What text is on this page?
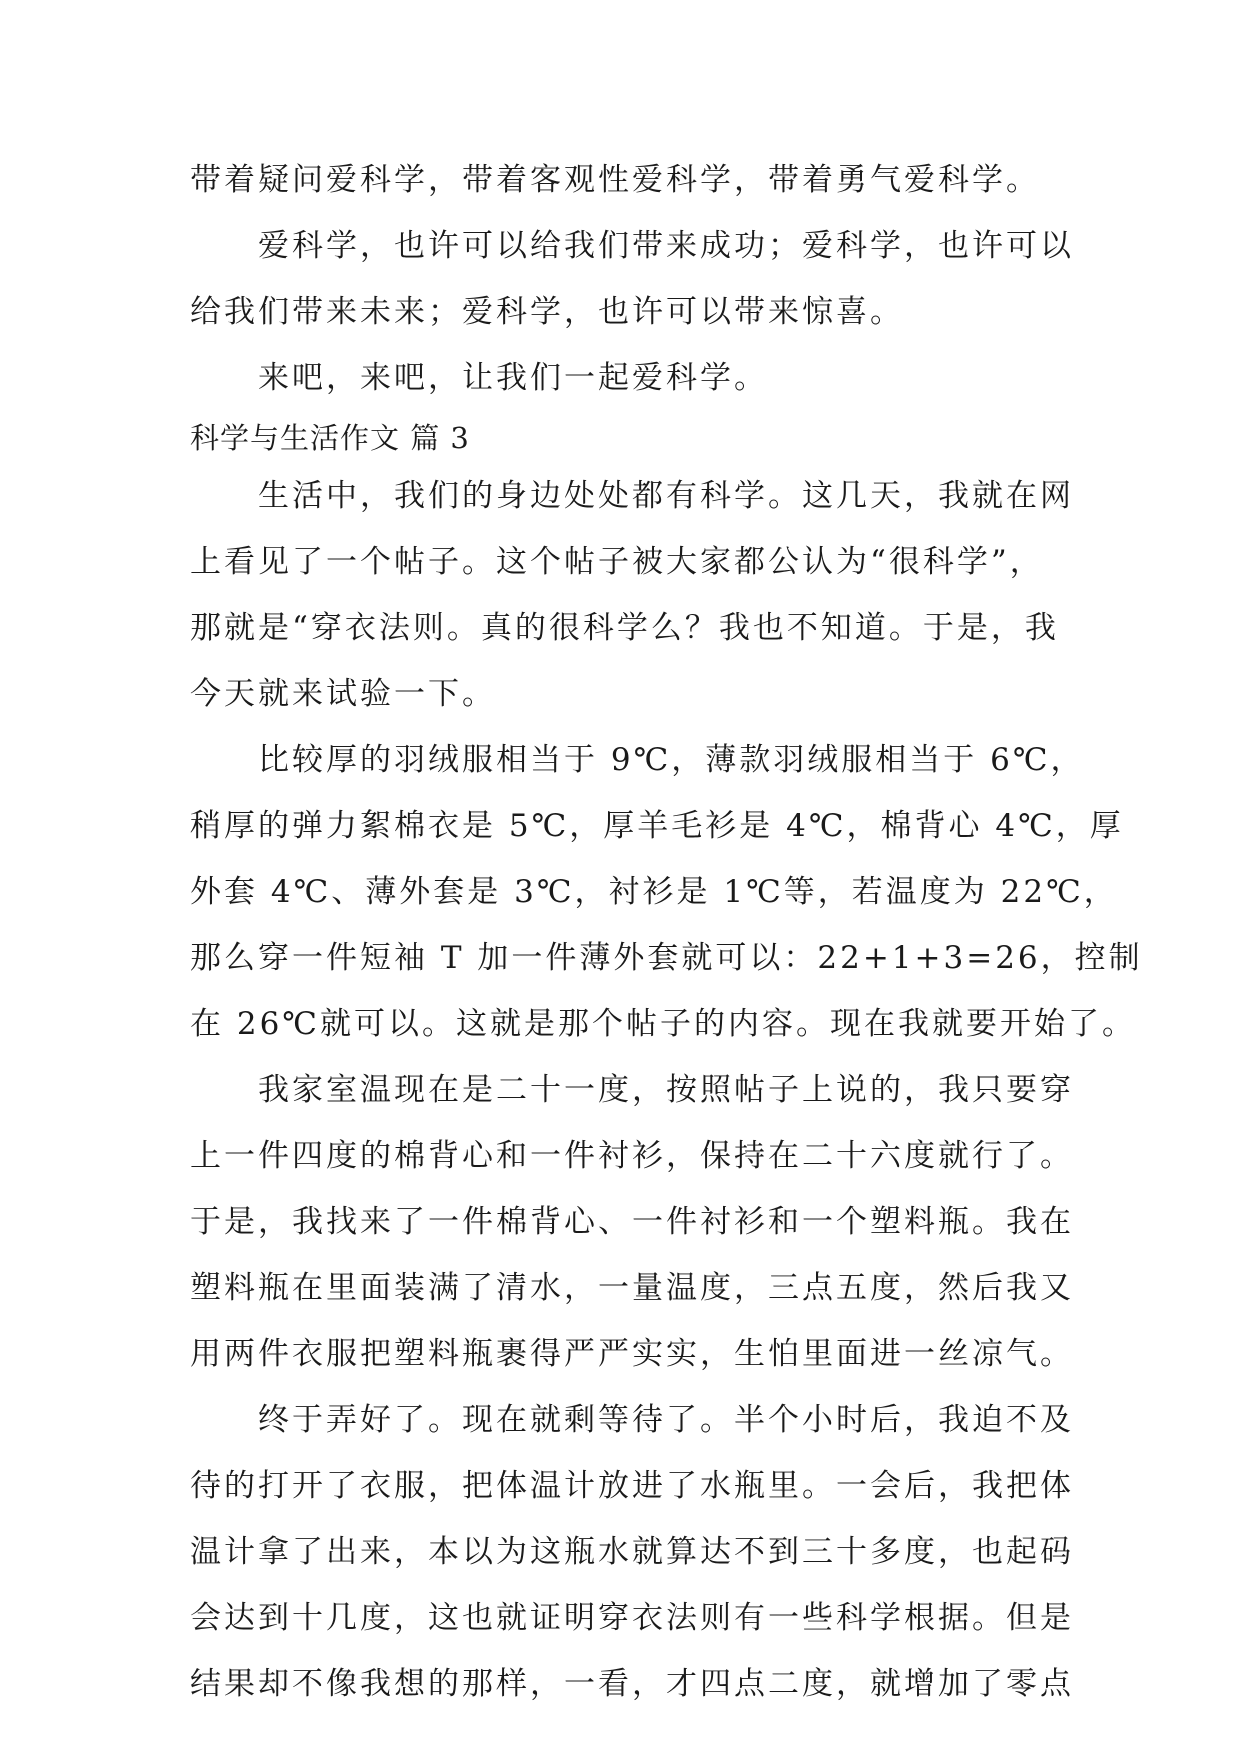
带着疑问爱科学，带着客观性爱科学，带着勇气爱科学。
爱科学，也许可以给我们带来成功；爱科学，也许可以
给我们带来未来；爱科学，也许可以带来惊喜。
来吧，来吧，让我们一起爱科学。
科学与生活作文 篇 3
生活中，我们的身边处处都有科学。这几天，我就在网
上看见了一个帖子。这个帖子被大家都公认为“很科学”，
那就是“穿衣法则。真的很科学么？我也不知道。于是，我
今天就来试验一下。
比较厚的羽绒服相当于 9℃，薄款羽绒服相当于 6℃，
稍厚的弹力絮棉衣是 5℃，厚羊毛衫是 4℃，棉背心 4℃，厚
外套 4℃、薄外套是 3℃，衬衫是 1℃等，若温度为 22℃，
那么穿一件短袖 T 加一件薄外套就可以：22+1+3=26，控制
在 26℃就可以。这就是那个帖子的内容。现在我就要开始了。
我家室温现在是二十一度，按照帖子上说的，我只要穿
上一件四度的棉背心和一件衬衫，保持在二十六度就行了。
于是，我找来了一件棉背心、一件衬衫和一个塑料瓶。我在
塑料瓶在里面装满了清水，一量温度，三点五度，然后我又
用两件衣服把塑料瓶裹得严严实实，生怕里面进一丝凉气。
终于弄好了。现在就剩等待了。半个小时后，我迫不及
待的打开了衣服，把体温计放进了水瓶里。一会后，我把体
温计拿了出来，本以为这瓶水就算达不到三十多度，也起码
会达到十几度，这也就证明穿衣法则有一些科学根据。但是
结果却不像我想的那样，一看，才四点二度，就增加了零点
